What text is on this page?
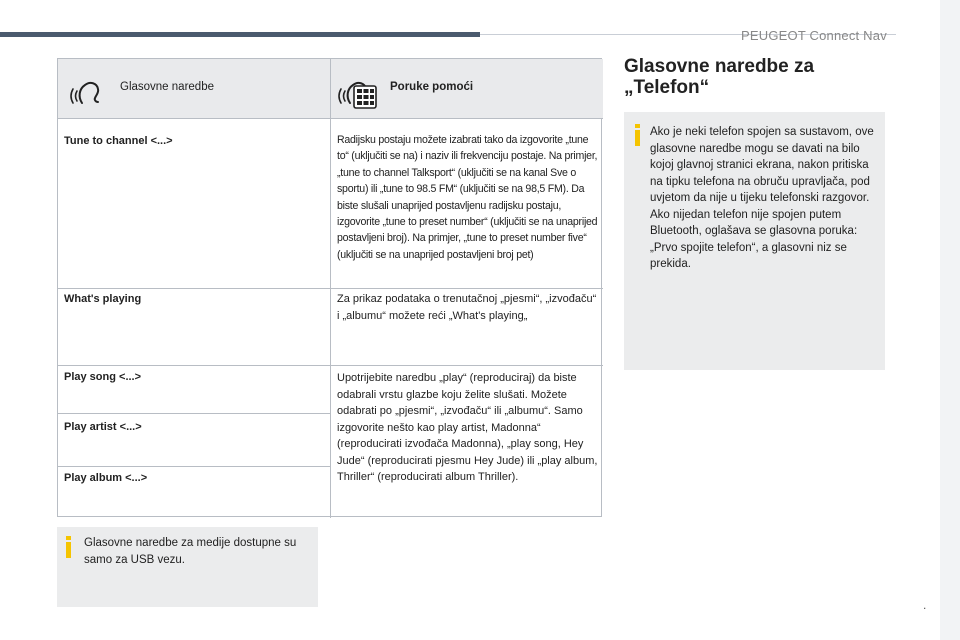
PEUGEOT Connect Nav
Glasovne naredbe	Poruke pomoći
Tune to channel <...>	Radijsku postaju možete izabrati tako da izgovorite „tune to“ (uključiti se na) i naziv ili frekvenciju postaje. Na primjer, „tune to channel Talksport“ (uključiti se na kanal Sve o sportu) ili „tune to 98.5 FM“ (uključiti se na 98,5 FM). Da biste slušali unaprijed postavljenu radijsku postaju, izgovorite „tune to preset number“ (uključiti se na unaprijed postavljeni broj). Na primjer, „tune to preset number five“ (uključiti se na unaprijed postavljeni broj pet)
What's playing	Za prikaz podataka o trenutačnoj „pjesmi“, „izvođaču“ i „albumu“ možete reći „What's playing„
Play song <...>	Upotrijebite naredbu „play“ (reproduciraj) da biste odabrali vrstu glazbe koju želite slušati. Možete odabrati po „pjesmi“, „izvođaču“ ili „albumu“. Samo izgovorite nešto kao play artist, Madonna“ (reproducirati izvođača Madonna), „play song, Hey Jude“ (reproducirati pjesmu Hey Jude) ili „play album, Thriller“ (reproducirati album Thriller).
Play artist <...>
Play album <...>
Glasovne naredbe za medije dostupne su samo za USB vezu.
Glasovne naredbe za „Telefon“

Ako je neki telefon spojen sa sustavom, ove glasovne naredbe mogu se davati na bilo kojoj glavnoj stranici ekrana, nakon pritiska na tipku telefona na obruču upravljača, pod uvjetom da nije u tijeku telefonski razgovor.

Ako nijedan telefon nije spojen putem Bluetooth, oglašava se glasovna poruka: „Prvo spojite telefon“, a glasovni niz se prekida.

.
